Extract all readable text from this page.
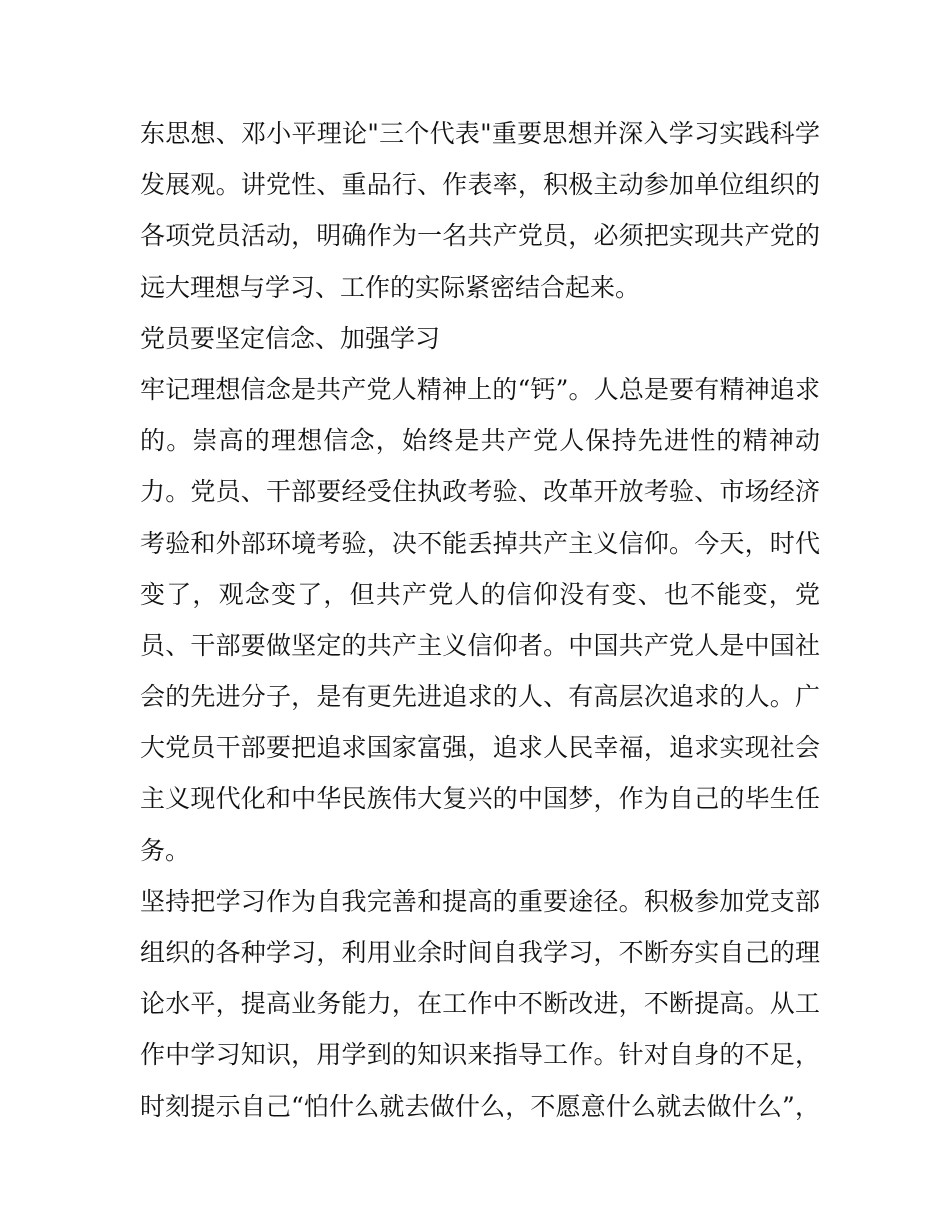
东思想、邓小平理论"三个代表"重要思想并深入学习实践科学
发展观。讲党性、重品行、作表率，积极主动参加单位组织的
各项党员活动，明确作为一名共产党员，必须把实现共产党的
远大理想与学习、工作的实际紧密结合起来。
党员要坚定信念、加强学习
牢记理想信念是共产党人精神上的“钙”。人总是要有精神追求
的。崇高的理想信念，始终是共产党人保持先进性的精神动
力。党员、干部要经受住执政考验、改革开放考验、市场经济
考验和外部环境考验，决不能丢掉共产主义信仰。今天，时代
变了，观念变了，但共产党人的信仰没有变、也不能变，党
员、干部要做坚定的共产主义信仰者。中国共产党人是中国社
会的先进分子，是有更先进追求的人、有高层次追求的人。广
大党员干部要把追求国家富强，追求人民幸福，追求实现社会
主义现代化和中华民族伟大复兴的中国梦，作为自己的毕生任
务。
坚持把学习作为自我完善和提高的重要途径。积极参加党支部
组织的各种学习，利用业余时间自我学习，不断夯实自己的理
论水平，提高业务能力，在工作中不断改进，不断提高。从工
作中学习知识，用学到的知识来指导工作。针对自身的不足，
时刻提示自己“怕什么就去做什么，不愿意什么就去做什么”，
